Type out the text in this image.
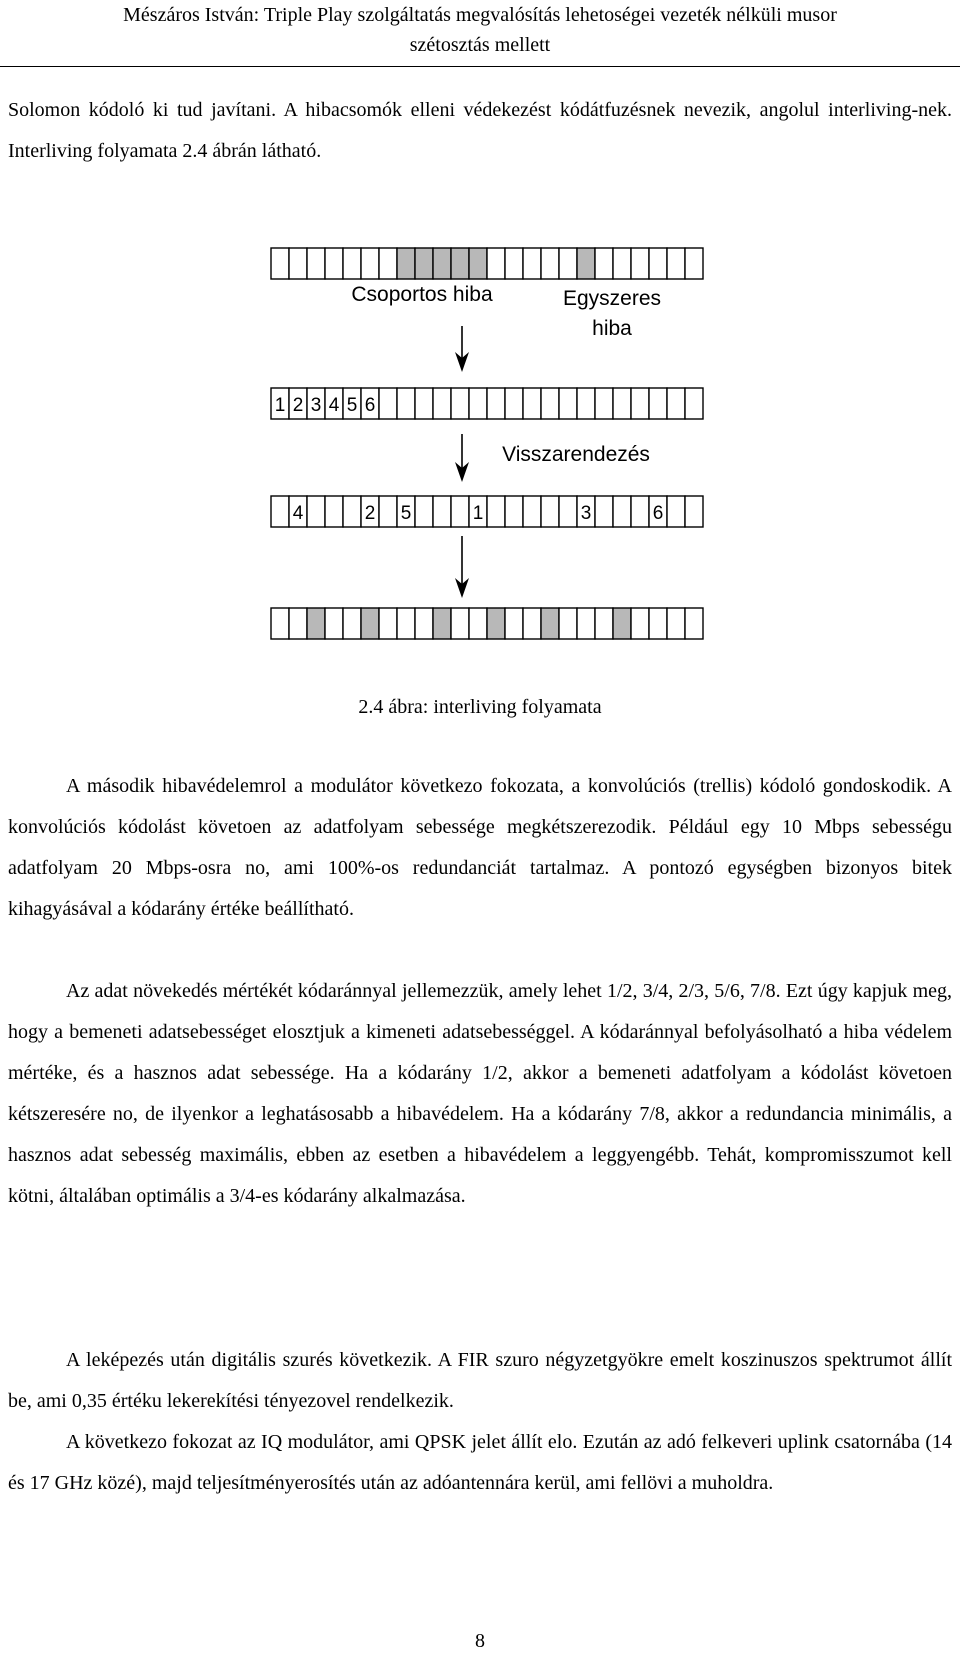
Mészáros István: Triple Play szolgáltatás megvalósítás lehetoségei vezeték nélküli musor
szétosztás mellett

Solomon kódoló ki tud javítani. A hibacsomók elleni védekezést kódátfuzésnek nevezik, angolul interliving-nek. Interliving folyamata 2.4 ábrán látható.

Csoportos hiba	Egyszeres
hiba
1 2 3 4 5 6
Visszarendezés
4	2 5	1	3	6
2.4 ábra: interliving folyamata

A második hibavédelemrol a modulátor következo fokozata, a konvolúciós (trellis) kódoló gondoskodik. A konvolúciós kódolást követoen az adatfolyam sebessége megkétszerezodik. Például egy 10 Mbps sebességu adatfolyam 20 Mbps-osra no, ami 100%-os redundanciát tartalmaz. A pontozó egységben bizonyos bitek kihagyásával a kódarány értéke beállítható.

Az adat növekedés mértékét kódaránnyal jellemezzük, amely lehet 1/2, 3/4, 2/3, 5/6, 7/8. Ezt úgy kapjuk meg, hogy a bemeneti adatsebességet elosztjuk a kimeneti adatsebességgel. A kódaránnyal befolyásolható a hiba védelem mértéke, és a hasznos adat sebessége. Ha a kódarány 1/2, akkor a bemeneti adatfolyam a kódolást követoen kétszeresére no, de ilyenkor a leghatásosabb a hibavédelem. Ha a kódarány 7/8, akkor a redundancia minimális, a hasznos adat sebesség maximális, ebben az esetben a hibavédelem a leggyengébb. Tehát, kompromisszumot kell kötni, általában optimális a 3/4-es kódarány alkalmazása.

A leképezés után digitális szurés következik. A FIR szuro négyzetgyökre emelt koszinuszos spektrumot állít be, ami 0,35 értéku lekerekítési tényezovel rendelkezik.

A következo fokozat az IQ modulátor, ami QPSK jelet állít elo. Ezután az adó felkeveri uplink csatornába (14 és 17 GHz közé), majd teljesítményerosítés után az adóantennára kerül, ami fellövi a muholdra.

8
